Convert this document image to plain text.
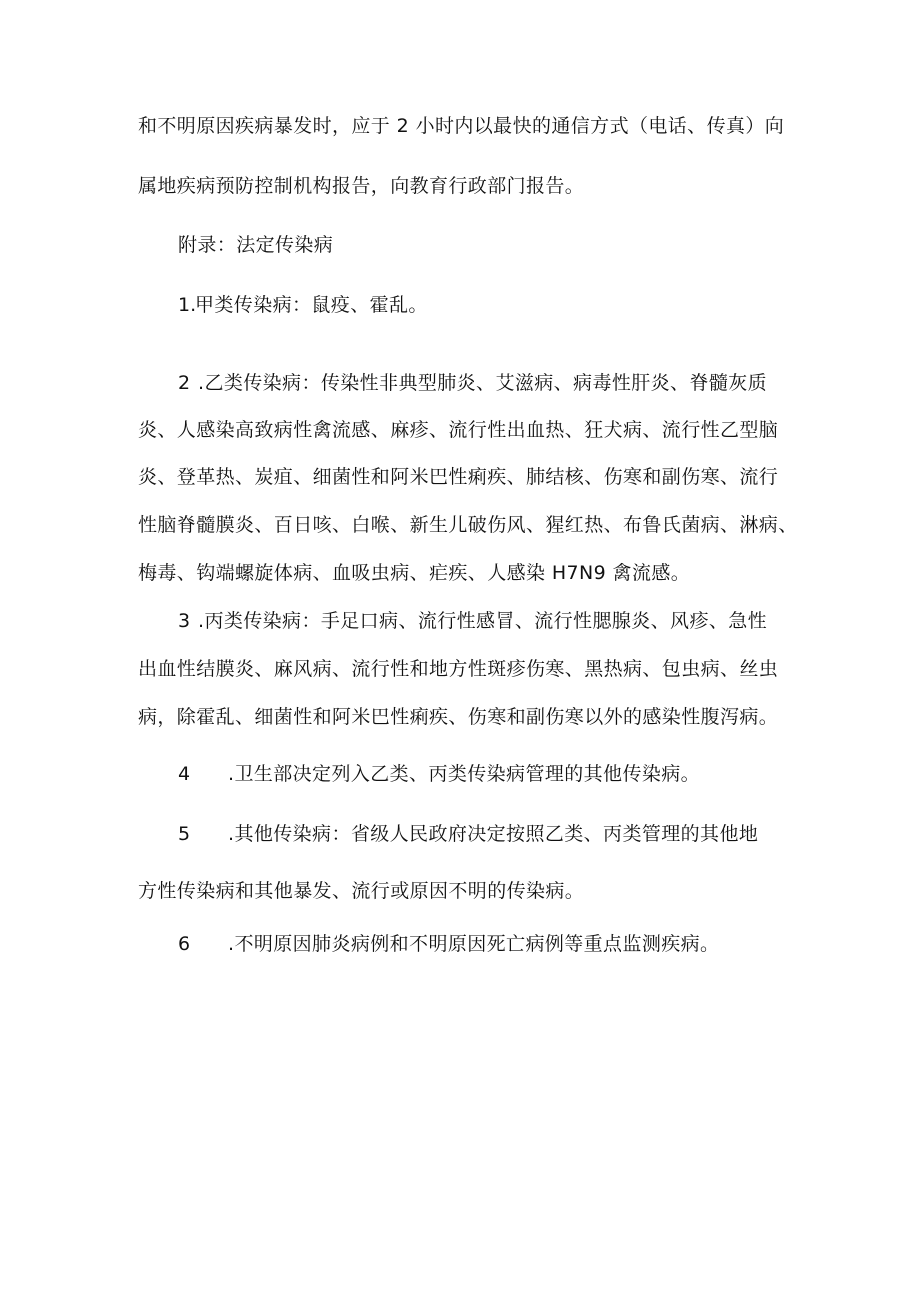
和不明原因疾病暴发时，应于 2 小时内以最快的通信方式（电话、传真）向
属地疾病预防控制机构报告，向教育行政部门报告。
附录：法定传染病
1.
甲类传染病：鼠疫、霍乱。
2 .乙类传染病：传染性非典型肺炎、艾滋病、病毒性肝炎、脊髓灰质
炎、人感染高致病性禽流感、麻疹、流行性出血热、狂犬病、流行性乙型脑
炎、登革热、炭疽、细菌性和阿米巴性痢疾、肺结核、伤寒和副伤寒、流行
性脑脊髓膜炎、百日咳、白喉、新生儿破伤风、猩红热、布鲁氏菌病、淋病、
梅毒、钩端螺旋体病、血吸虫病、疟疾、人感染 H7N9 禽流感。
3 .丙类传染病：手足口病、流行性感冒、流行性腮腺炎、风疹、急性
出血性结膜炎、麻风病、流行性和地方性斑疹伤寒、黑热病、包虫病、丝虫
病，除霍乱、细菌性和阿米巴性痢疾、伤寒和副伤寒以外的感染性腹泻病。
4 .卫生部决定列入乙类、丙类传染病管理的其他传染病。
5 .其他传染病：省级人民政府决定按照乙类、丙类管理的其他地
方性传染病和其他暴发、流行或原因不明的传染病。
6 .不明原因肺炎病例和不明原因死亡病例等重点监测疾病。
